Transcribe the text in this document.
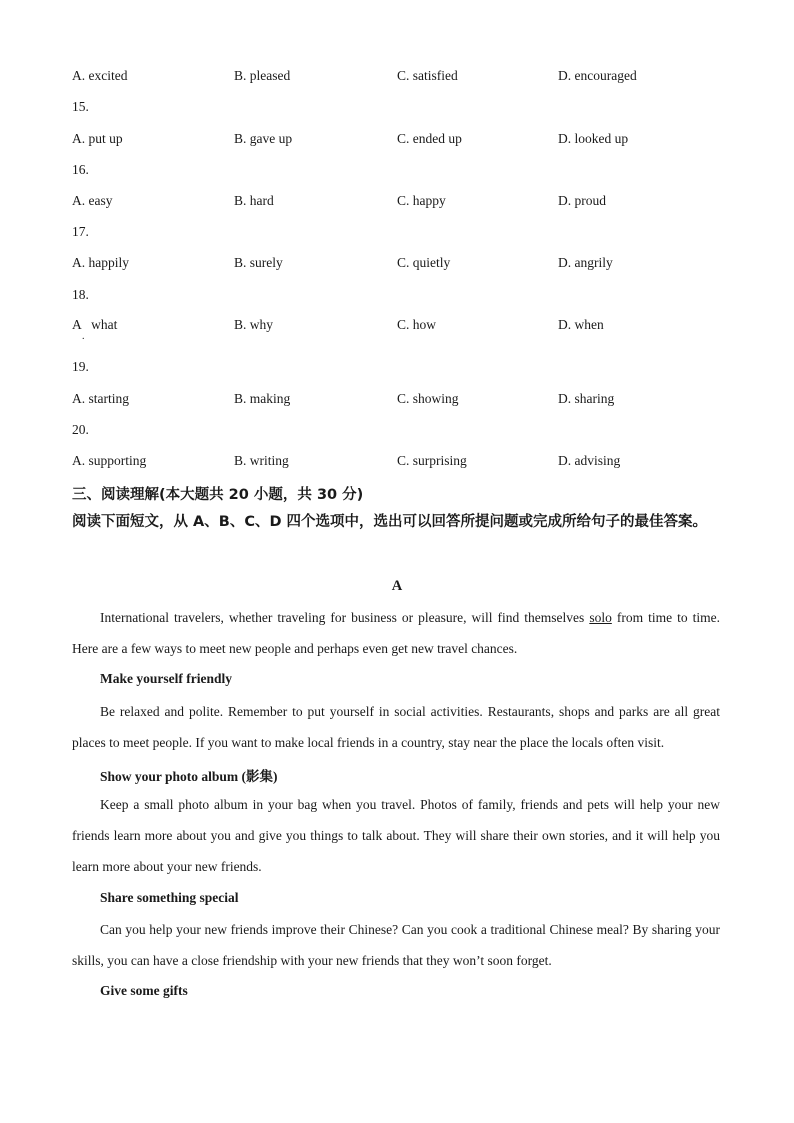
A. excited	B. pleased	C. satisfied	D. encouraged
15.
A. put up	B. gave up	C. ended up	D. looked up
16.
A. easy	B. hard	C. happy	D. proud
17.
A. happily	B. surely	C. quietly	D. angrily
18.
A   what	B. why	C. how	D. when
.
19.
A. starting	B. making	C. showing	D. sharing
20.
A. supporting	B. writing	C. surprising	D. advising
三、阅读理解(本大题共 20 小题，共 30 分)
阅读下面短文，从 A、B、C、D 四个选项中，选出可以回答所提问题或完成所给句子的最佳答案。
A
International travelers, whether traveling for business or pleasure, will find themselves solo from time to time. Here are a few ways to meet new people and perhaps even get new travel chances.
Make yourself friendly
Be relaxed and polite. Remember to put yourself in social activities. Restaurants, shops and parks are all great places to meet people. If you want to make local friends in a country, stay near the place the locals often visit.
Show your photo album (影集)
Keep a small photo album in your bag when you travel. Photos of family, friends and pets will help your new friends learn more about you and give you things to talk about. They will share their own stories, and it will help you learn more about your new friends.
Share something special
Can you help your new friends improve their Chinese? Can you cook a traditional Chinese meal? By sharing your skills, you can have a close friendship with your new friends that they won’t soon forget.
Give some gifts
